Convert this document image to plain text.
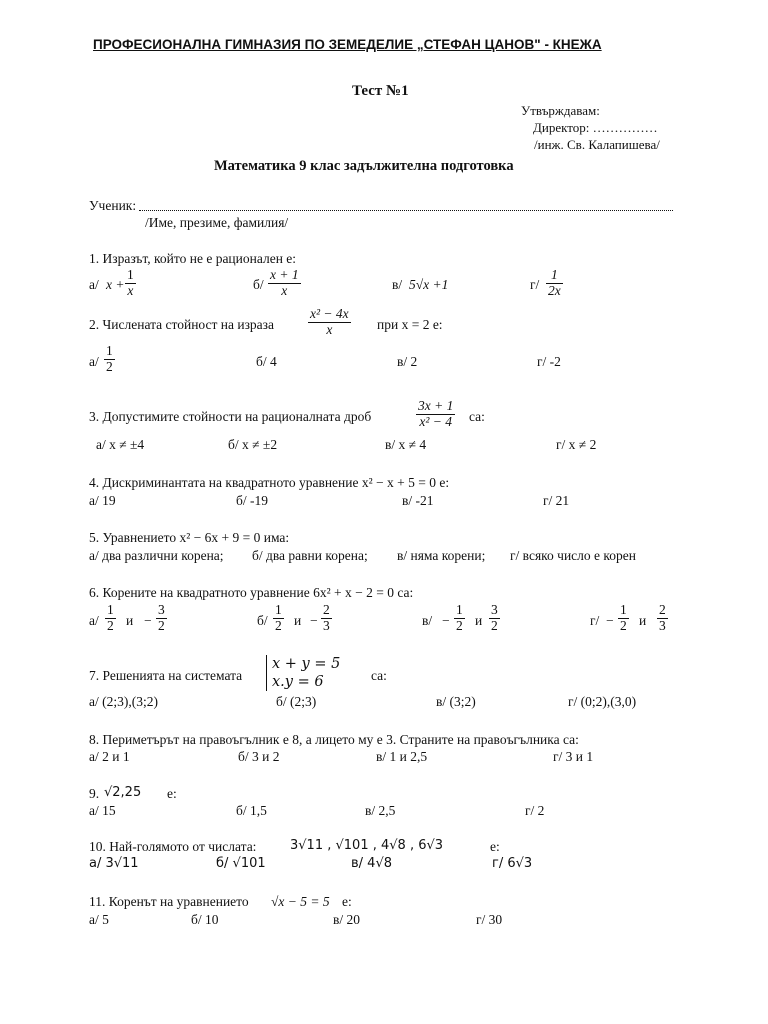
ПРОФЕСИОНАЛНА ГИМНАЗИЯ ПО ЗЕМЕДЕЛИЕ „СТЕФАН ЦАНОВ" - КНЕЖА
Тест №1
Утвърждавам:
Директор: ……………
/инж. Св. Калапишева/
Математика 9 клас задължителна подготовка
Ученик:
/Име, презиме, фамилия/
1. Изразът, който не е рационален е:
а/ $x + \frac{1}{x}$	$б/ \frac{x + 1}{x}$	в/ 5√x +1	$г/ \frac{1}{2x}$
2. Числената стойност на израза	$\frac{\text{x² − 4x}}{x}$ при x = 2 е:
$а/ \frac{1}{2}$	б/ 4	в/ 2	г/ -2
3. Допустимите стойности на рационалната дроб	$\frac{3x + 1}{\text{x² − 4}}$ са:
а/ x ≠ ±4	б/ x ≠ ±2	в/ x ≠ 4	г/ x ≠ 2
4. Дискриминантата на квадратното уравнение x² − x + 5 = 0 е:
а/ 19	б/ -19	в/ -21	г/ 21
5. Уравнението x² − 6x + 9 = 0 има:
а/ два различни корена; б/ два равни корена; в/ няма корени; г/ всяко число е корен
6. Корените на квадратното уравнение 6x² + x − 2 = 0 са:
$а/ \frac{1}{2}$ $и - \frac{3}{2}$	$б/ \frac{1}{2}$ $и - \frac{2}{3}$	$в/ - \frac{1}{2}$ и $\frac{3}{2}$	$г/ - \frac{1}{2}$ и $\frac{2}{3}$
7. Решенията на системата
x + y = 5
x.y = 6	са:
а/ (2;3),(3;2)	б/ (2;3)	в/ (3;2)	г/ (0;2),(3,0)
8. Периметърът на правоъгълник е 8, а лицето му е 3. Страните на правоъгълника са:
а/ 2 и 1	б/ 3 и 2	в/ 1 и 2,5	г/ 3 и 1
9. √2,25 е:
а/ 15	б/ 1,5	в/ 2,5	г/ 2
10. Най-голямото от числата:	3√11 , √101 , 4√8 , 6√3	е:
а/ 3√11	б/ √101	в/ 4√8	г/ 6√3
11. Коренът на уравнението √x − 5 = 5 е:
а/ 5	б/ 10	в/ 20	г/ 30
